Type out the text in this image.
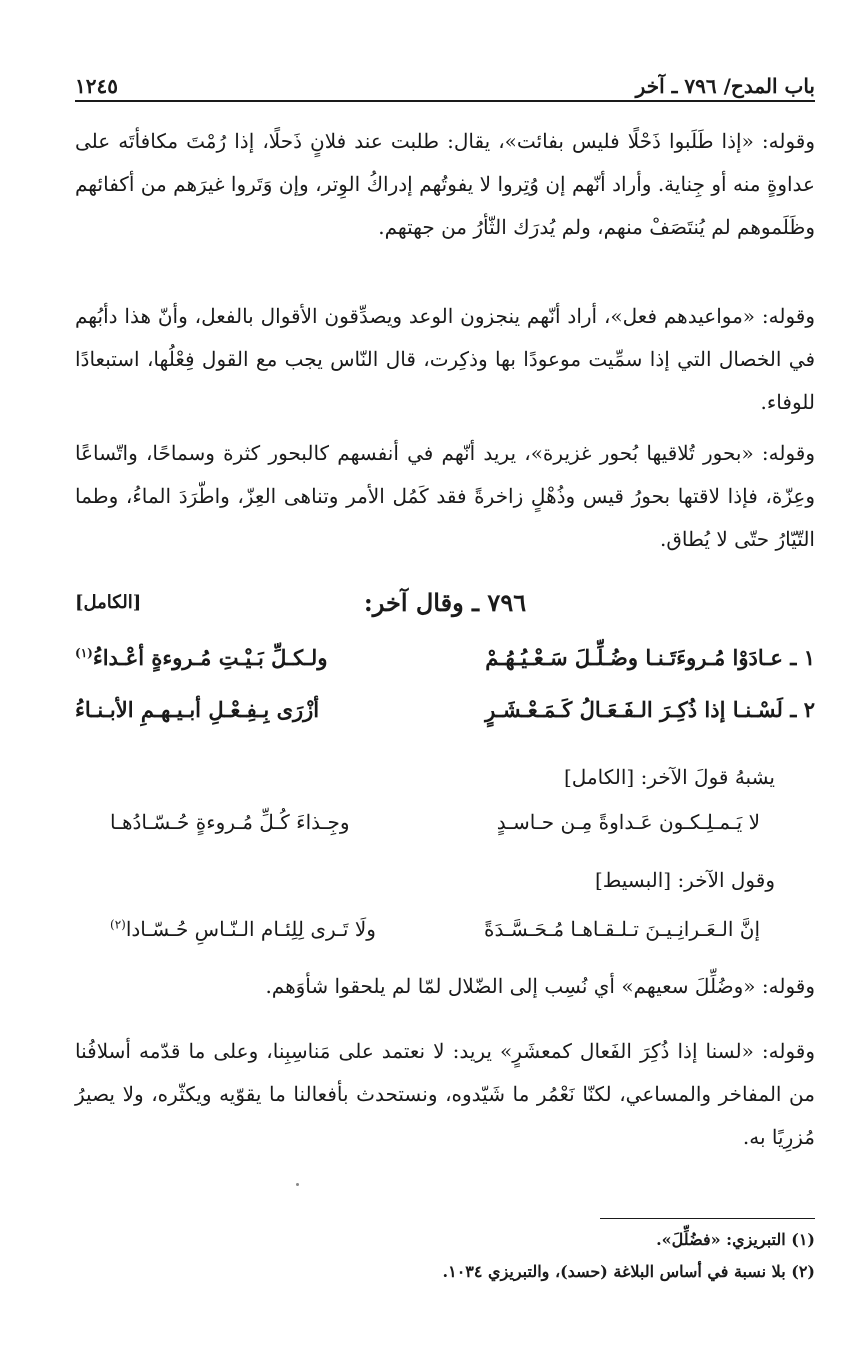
باب المدح/ ٧٩٦ ـ آخر
١٢٤٥

وقوله: «إذا طَلَبوا ذَحْلًا فليس بفائت»، يقال: طلبت عند فلانٍ ذَحلًا، إذا رُمْتَ مكافأتَه على عداوةٍ منه أو جِناية. وأراد أنّهم إن وُتِروا لا يفوتُهم إدراكُ الوِتر، وإن وَتَروا غيرَهم من أكفائهم وظَلَموهم لم يُنتَصَفْ منهم، ولم يُدرَك الثّأرُ من جهتهم.

وقوله: «مواعيدهم فعل»، أراد أنّهم ينجزون الوعد ويصدِّقون الأقوال بالفعل، وأنّ هذا دأبُهم في الخصال التي إذا سمِّيت موعودًا بها وذكِرت، قال النّاس يجب مع القول فِعْلُها، استبعادًا للوفاء.

وقوله: «بحور تُلاقيها بُحور غزيرة»، يريد أنّهم في أنفسهم كالبحور كثرة وسماحًا، واتّساعًا وعِزّة، فإذا لاقتها بحورُ قيس وذُهْلٍ زاخرةً فقد كَمُل الأمر وتناهى العِزّ، واطّرَدَ الماءُ، وطما التّيّارُ حتّى لا يُطاق.

٧٩٦ ـ وقال آخر:
[الكامل]
١ ـ عـادَوْا مُـروءَتَـنـا وضُـلِّـلَ سَـعْـيُـهُـمْ
ولـكـلِّ بَـيْـتِ مُـروءةٍ أعْـداءُ$^{(١)}$
٢ ـ لَسْـنـا إذا ذُكِـرَ الـفَـعَـالُ كَـمَـعْـشَـرٍ
أزْرَى بِـفِـعْـلِ أبـيـهـمِ الأبـنـاءُ
يشبهُ قولَ الآخر: [الكامل]
لا يَـمـلِـكـون عَـداوةً مِـن حـاسـدٍ
وجِـذاءَ كُـلِّ مُـروءةٍ حُـسّـادُهـا
وقول الآخر: [البسيط]
إنَّ الـعَـرانِـيـنَ تـلـقـاهـا مُـحَـسَّـدَةً
ولَا تَـرى لِلِئـام الـنّـاسِ حُـسّـادا$^{(٢)}$

وقوله: «وضُلِّلَ سعيهم» أي نُسِب إلى الضّلال لمّا لم يلحقوا شأوَهم.

وقوله: «لسنا إذا ذُكِرَ الفَعال كمعشَرٍ» يريد: لا نعتمد على مَناسِبِنا، وعلى ما قدّمه أسلافُنا من المفاخر والمساعي، لكنّا نَعْمُر ما شَيّدوه، ونستحدث بأفعالنا ما يقوّيه ويكثّره، ولا يصيرُ مُزرِيًا به.

(١) التبريزي: «فضُلِّلَ».
(٢) بلا نسبة في أساس البلاغة (حسد)، والتبريزي ١٠٣٤.
